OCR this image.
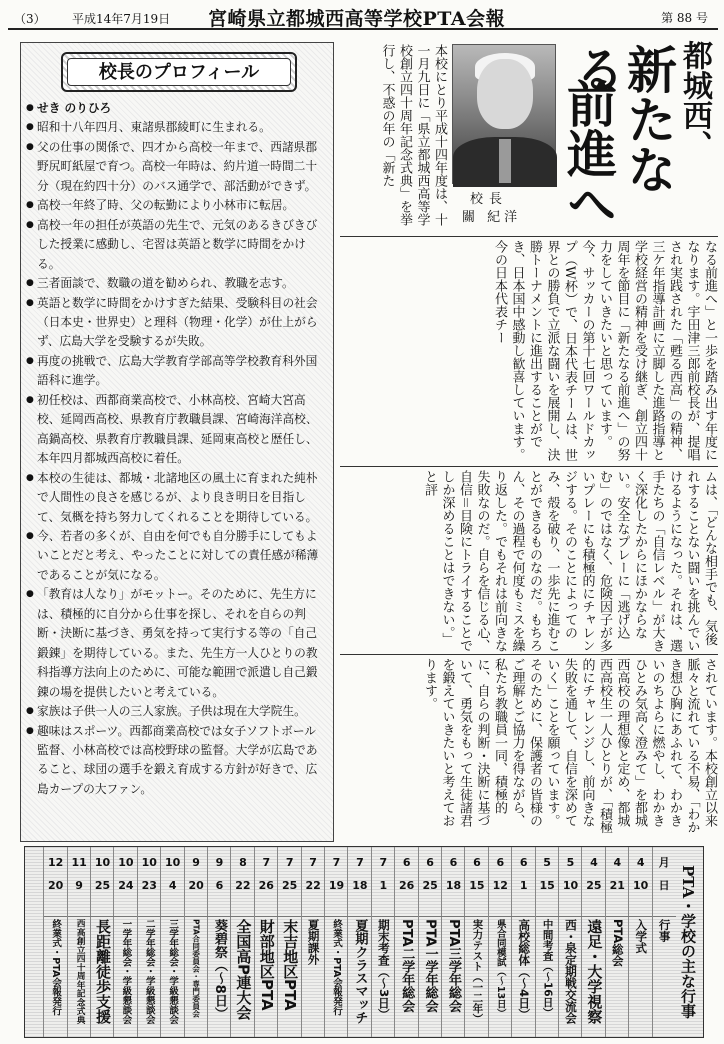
（3） 平成14年7月19日 宮崎県立都城西高等学校PTA会報	第 88 号
校長のプロフィール
● せき のりひろ
● 昭和十八年四月、東諸県郡綾町に生まれる。
● 父の仕事の関係で、四才から高校一年まで、西諸県郡野尻町紙屋で育つ。高校一年時は、約片道一時間二十分（現在約四十分）のバス通学で、部活動ができず。
● 高校一年終了時、父の転勤により小林市に転居。
● 高校一年の担任が英語の先生で、元気のあるきびきびした授業に感動し、宅習は英語と数学に時間をかける。
● 三者面談で、数職の道を勧められ、教職を志す。
● 英語と数学に時間をかけすぎた結果、受験科目の社会（日本史・世界史）と理科（物理・化学）が仕上がらず、広島大学を受験するが失敗。
● 再度の挑戦で、広島大学教育学部高等学校教育科外国語科に進学。
● 初任校は、西都商業高校で、小林高校、宮崎大宮高校、延岡西高校、県教育庁教職員課、宮崎海洋高校、高鍋高校、県教育庁教職員課、延岡東高校と歴任し、本年四月都城西高校に着任。
● 本校の生徒は、都城・北諸地区の風土に育まれた純朴で人間性の良さを感じるが、より良き明日を目指して、気概を持ち努力してくれることを期待している。
● 今、若者の多くが、自由を何でも自分勝手にしてもよいことだと考え、やったことに対しての責任感が稀薄であることが気になる。
● 「教育は人なり」がモットー。そのために、先生方には、積極的に自分から仕事を探し、それを自らの判断・決断に基づき、勇気を持って実行する等の「自己鍛錬」を期待している。また、先生方一人ひとりの教科指導方法向上のために、可能な範囲で派遣し自己鍛錬の場を提供したいと考えている。
● 家族は子供一人の三人家族。子供は現在大学院生。
● 趣味はスポーツ。西都商業高校では女子ソフトボール監督、小林高校では高校野球の監督。大学が広島であること、球団の選手を鍛え育成する方針が好きで、広島カープの大ファン。
本校にとり平成十四年度は、十一月九日に「県立都城西高等学校創立四十周年記念式典」を挙行し、不惑の年の「新た
校長
關 紀洋
都城西、
新たなる
前進へ
なる前進へ」と一歩を踏み出す年度になります。宇田津三郎前校長が、提唱され実践された「甦る西高」の精神、三ケ年指導計画に立脚した進路指導と学校経営の精神を受け継ぎ、創立四十周年を節目に「新たなる前進へ」の努力をしていきたいと思っています。今、サッカーの第十七回ワールドカップ（W杯）で、日本代表チームは、世界との勝負で立派な闘いを展開し、決勝トーナメントに進出することができ、日本国中感動し歓喜しています。今の日本代表チー
ムは、「どんな相手でも、気後れすることない闘いを挑んでいけるようになった。それは、選手たちの「自信レベル」が大きく深化したからにほかならない。安全なプレーに「逃げ込む」のではなく、危険因子が多いプレーにも積極的にチャレンジする。そのことによってのみ、殻を破り、一歩先に進むことができるものなのだ。もちろん、その過程で何度もミスを繰り返した。でもそれは前向きな失敗なのだ。自らを信じる心、自信＝目険にトライすることでしか深めることはできない。」と評
されています。本校創立以来脈々と流れている不易、「わかき想ひ胸にあふれて、わかきいのちよらに燃やし、わかきひとみ気高く澄みて」を都城西高校の理想像と定め、都城西高校生一人ひとりが、「積極的にチャレンジし、前向きな失敗を通して、自信を深めていく」ことを願っています。そのために、保護者の皆様のご理解とご協力を得ながら、私たち教職員一同、積極的に、自らの判断・決断に基づいて、勇気をもって生徒諸君を鍛えていきたいと考えております。
PTA・学校の主な行事
月
日
行事
4
10
入学式
4
21
PTA総会
4
25
遠足・大学視察
5
10
西・泉定期戦交流会
5
15
中間考査（〜16日）
6
1
高校総体（〜4日）
6
12
県合同模試（〜13日）
6
15
実力テスト（一二年）
6
18
PTA三学年総会
6
25
PTA一学年総会
6
26
PTA二学年総会
7
1
期末考査（〜3日）
7
18
夏期クラスマッチ
7
19
終業式・PTA会報発行
7
22
夏期課外
7
25
末吉地区PTA
7
26
財部地区PTA
8
22
全国高P連大会
9
6
葵碧祭（〜8日）
9
20
PTA合同委員会・専門委員会
10
4
三学年総会・学級懇談会
10
23
二学年総会・学級懇談会
10
24
一学年総会・学級懇談会
10
25
長距離徒歩支援
11
9
西高創立四十周年記念式典
12
20
終業式・PTA会報発行
